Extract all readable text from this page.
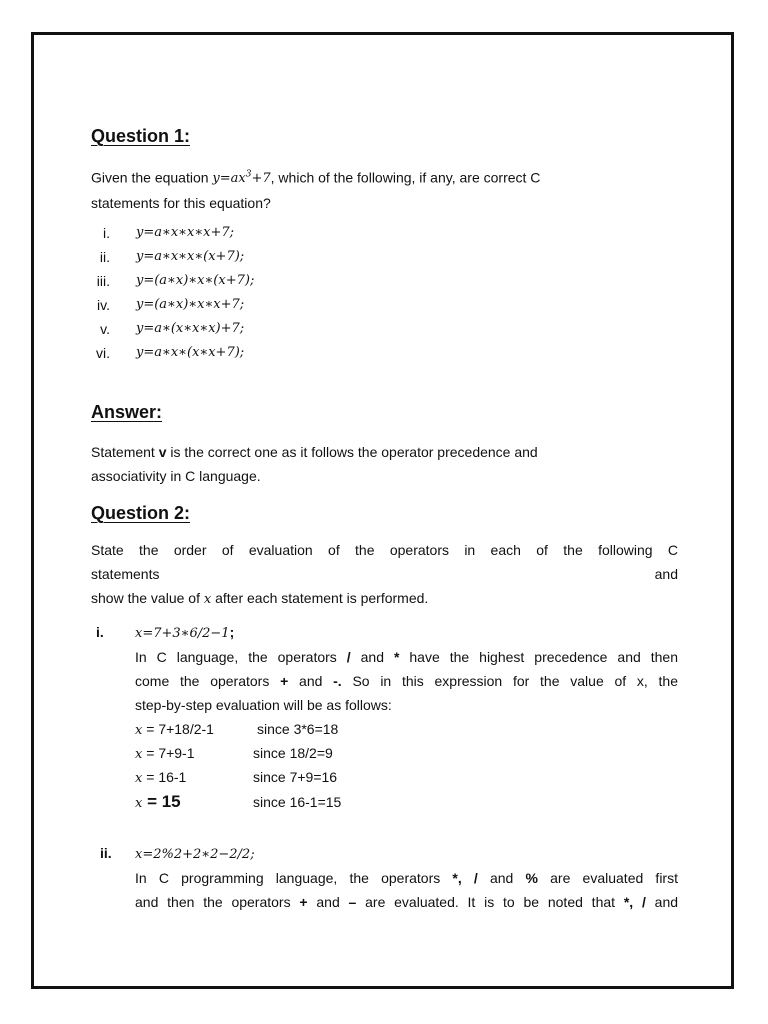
Question 1:
Given the equation $y=ax^3+7$, which of the following, if any, are correct C
statements for this equation?
i. y=a∗x∗x∗x+7;
ii. y=a∗x∗x∗(x+7);
iii. y=(a∗x)∗x∗(x+7);
iv. y=(a∗x)∗x∗x+7;
v. y=a∗(x∗x∗x)+7;
vi. y=a∗x∗(x∗x+7);
Answer:
Statement v is the correct one as it follows the operator precedence and
associativity in C language.
Question 2:
State the order of evaluation of the operators in each of the following C
statements	and
show the value of x after each statement is performed.
i. x=7+3∗6/2−1;
In C language, the operators / and * have the highest precedence and then
come the operators + and -. So in this expression for the value of x, the
step-by-step evaluation will be as follows:
x = 7+18/2-1	since 3*6=18
x = 7+9-1	since 18/2=9
x = 16-1	since 7+9=16
x = 15	since 16-1=15
ii. x=2%2+2∗2−2/2;
In C programming language, the operators *, / and % are evaluated first
and then the operators + and – are evaluated. It is to be noted that *, / and
